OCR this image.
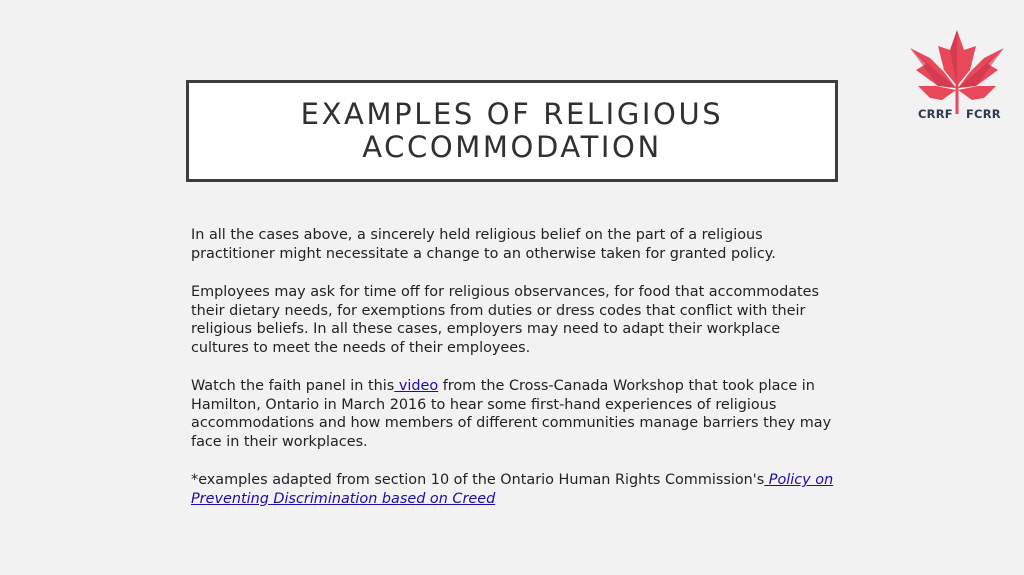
CRRF FCRR
EXAMPLES OF RELIGIOUS
ACCOMMODATION

In all the cases above, a sincerely held religious belief on the part of a religious practitioner might necessitate a change to an otherwise taken for granted policy.

Employees may ask for time off for religious observances, for food that accommodates their dietary needs, for exemptions from duties or dress codes that conflict with their religious beliefs. In all these cases, employers may need to adapt their workplace cultures to meet the needs of their employees.

Watch the faith panel in this video from the Cross-Canada Workshop that took place in Hamilton, Ontario in March 2016 to hear some first-hand experiences of religious accommodations and how members of different communities manage barriers they may face in their workplaces.

*examples adapted from section 10 of the Ontario Human Rights Commission's Policy on Preventing Discrimination based on Creed
